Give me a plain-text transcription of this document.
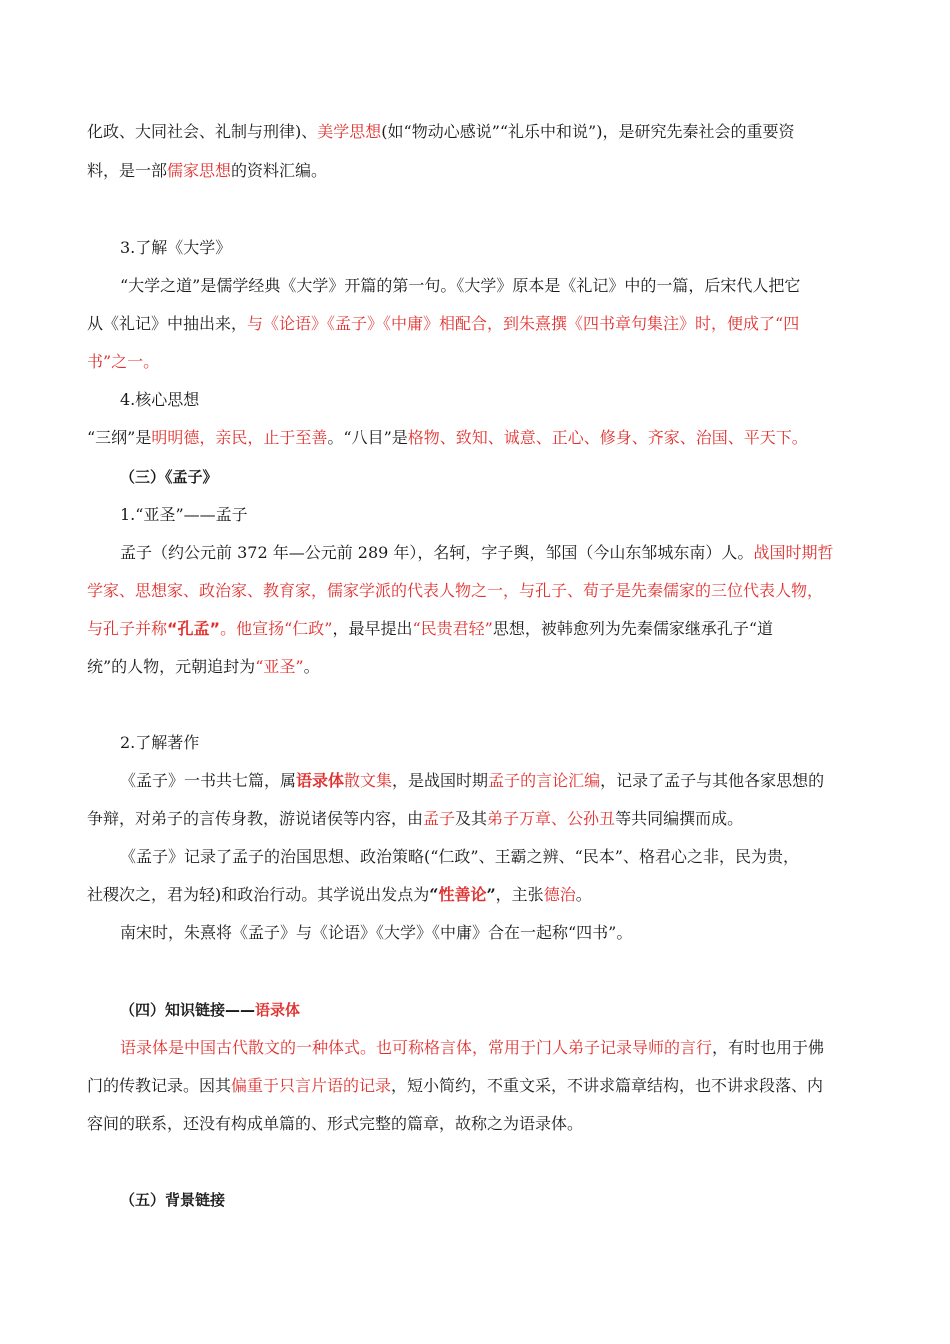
化政、大同社会、礼制与刑律)、美学思想(如“物动心感说”“礼乐中和说”)，是研究先秦社会的重要资
料，是一部儒家思想的资料汇编。
3.了解《大学》
“大学之道”是儒学经典《大学》开篇的第一句。《大学》原本是《礼记》中的一篇，后宋代人把它
从《礼记》中抽出来，与《论语》《孟子》《中庸》相配合，到朱熹撰《四书章句集注》时，便成了“四
书”之一。
4.核心思想
“三纲”是明明德，亲民，止于至善。“八目”是格物、致知、诚意、正心、修身、齐家、治国、平天下。
（三）《孟子》
1.“亚圣”——孟子
孟子（约公元前 372 年—公元前 289 年），名轲，字子舆，邹国（今山东邹城东南）人。战国时期哲
学家、思想家、政治家、教育家，儒家学派的代表人物之一，与孔子、荀子是先秦儒家的三位代表人物，
与孔子并称“孔孟”。他宣扬“仁政”，最早提出“民贵君轻”思想，被韩愈列为先秦儒家继承孔子“道
统”的人物，元朝追封为“亚圣”。
2.了解著作
《孟子》一书共七篇，属语录体散文集，是战国时期孟子的言论汇编，记录了孟子与其他各家思想的
争辩，对弟子的言传身教，游说诸侯等内容，由孟子及其弟子万章、公孙丑等共同编撰而成。
《孟子》记录了孟子的治国思想、政治策略(“仁政”、王霸之辨、“民本”、格君心之非，民为贵，
社稷次之，君为轻)和政治行动。其学说出发点为“性善论”，主张德治。
南宋时，朱熹将《孟子》与《论语》《大学》《中庸》合在一起称“四书”。
（四）知识链接——语录体
语录体是中国古代散文的一种体式。也可称格言体，常用于门人弟子记录导师的言行，有时也用于佛
门的传教记录。因其偏重于只言片语的记录，短小简约，不重文采，不讲求篇章结构，也不讲求段落、内
容间的联系，还没有构成单篇的、形式完整的篇章，故称之为语录体。
（五）背景链接
